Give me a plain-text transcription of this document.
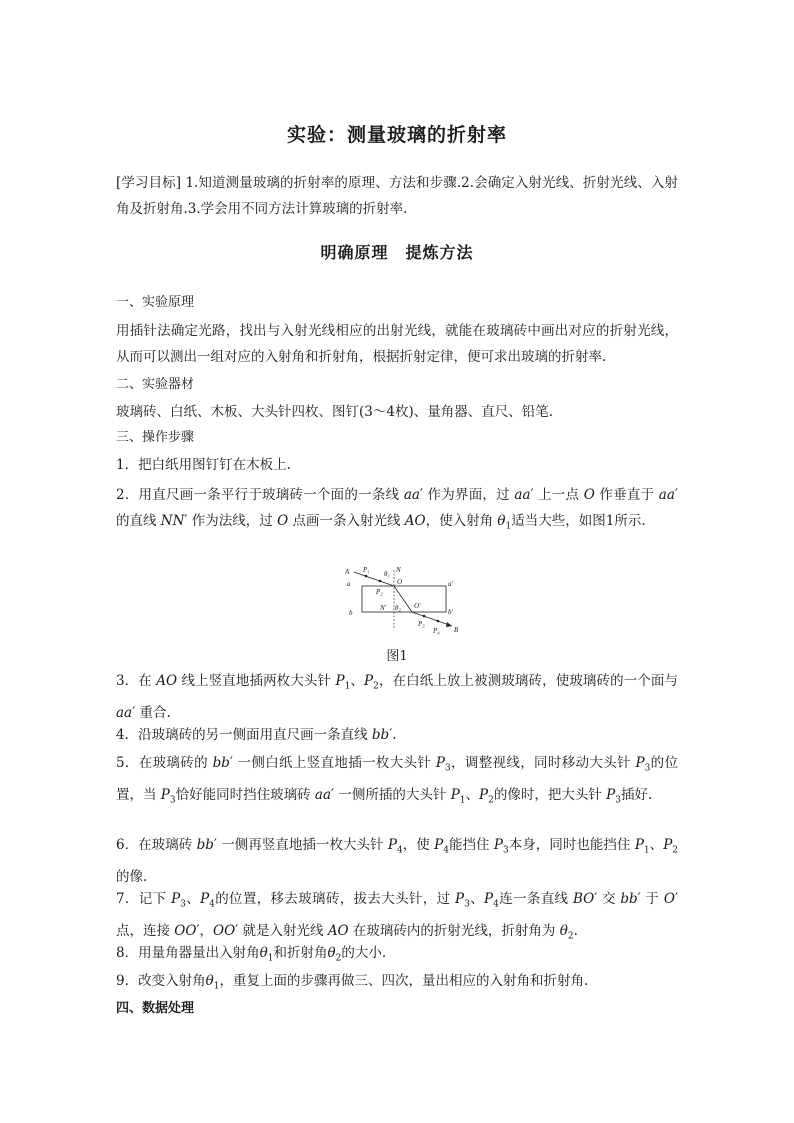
实验：测量玻璃的折射率

[学习目标] 1.知道测量玻璃的折射率的原理、方法和步骤.2.会确定入射光线、折射光线、入射角及折射角.3.学会用不同方法计算玻璃的折射率.

明确原理　提炼方法
一、实验原理

用插针法确定光路，找出与入射光线相应的出射光线，就能在玻璃砖中画出对应的折射光线，从而可以测出一组对应的入射角和折射角，根据折射定律，便可求出玻璃的折射率.

二、实验器材

玻璃砖、白纸、木板、大头针四枚、图钉(3～4枚)、量角器、直尺、铅笔.

三、操作步骤

1．把白纸用图钉钉在木板上.

2．用直尺画一条平行于玻璃砖一个面的一条线 aa′ 作为界面，过 aa′ 上一点 O 作垂直于 aa′ 的直线 NN′ 作为法线，过 O 点画一条入射光线 AO，使入射角 $\theta_1$适当大些，如图1所示.

A P₁ θ₁ N
O
a	a′
P₂
N′ θ₂ O′
b	b′
P₃
P₄ B
图1

3．在 AO 线上竖直地插两枚大头针 $P_1$、$P_2$，在白纸上放上被测玻璃砖，使玻璃砖的一个面与 aa′ 重合.

4．沿玻璃砖的另一侧面用直尺画一条直线 bb′.

5．在玻璃砖的 bb′ 一侧白纸上竖直地插一枚大头针 $P_3$，调整视线，同时移动大头针 $P_3$的位置，当 $P_3$恰好能同时挡住玻璃砖 aa′ 一侧所插的大头针 $P_1$、$P_2$的像时，把大头针 $P_3$插好.

6．在玻璃砖 bb′ 一侧再竖直地插一枚大头针 $P_4$，使 $P_4$能挡住 $P_3$本身，同时也能挡住 $P_1$、$P_2$的像.

7．记下 $P_3$、$P_4$的位置，移去玻璃砖，拔去大头针，过 $P_3$、$P_4$连一条直线 BO′ 交 bb′ 于 O′ 点，连接 OO′，OO′ 就是入射光线 AO 在玻璃砖内的折射光线，折射角为 $\theta_2$.

8．用量角器量出入射角$\theta_1$和折射角$\theta_2$的大小.

9．改变入射角$\theta_1$，重复上面的步骤再做三、四次，量出相应的入射角和折射角.

四、数据处理
